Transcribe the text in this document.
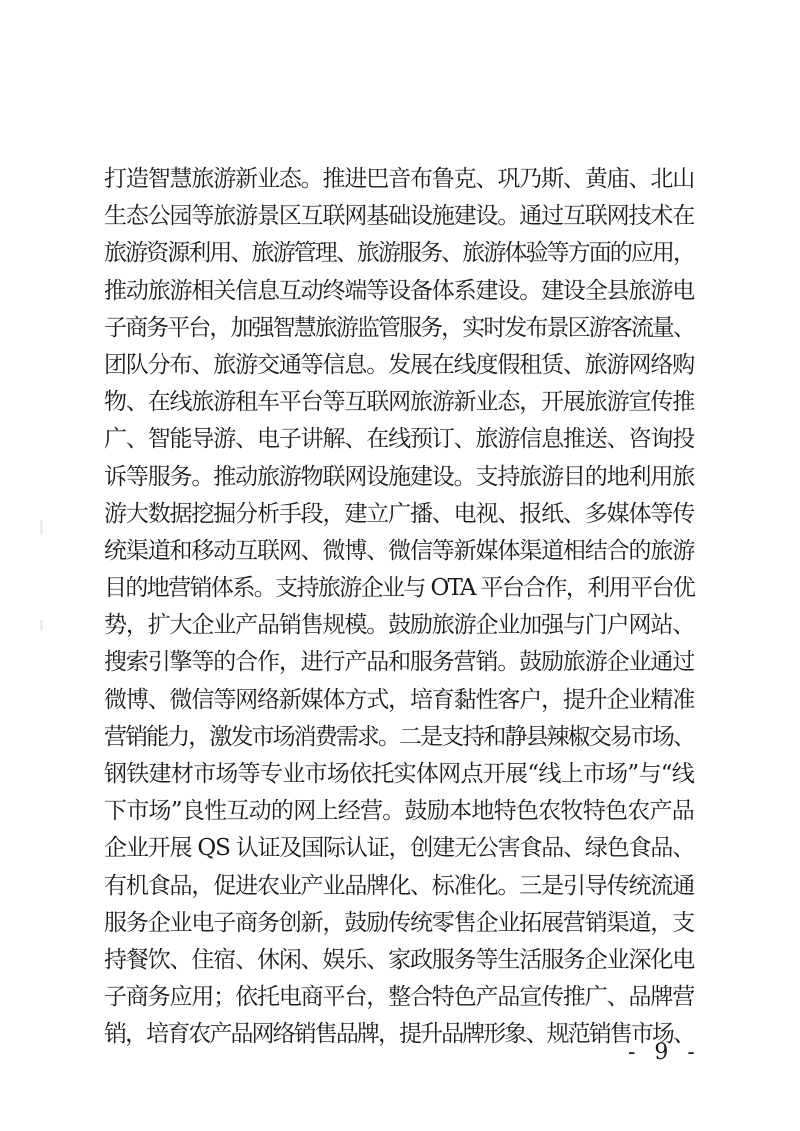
打造智慧旅游新业态。推进巴音布鲁克、巩乃斯、黄庙、北山
生态公园等旅游景区互联网基础设施建设。通过互联网技术在
旅游资源利用、旅游管理、旅游服务、旅游体验等方面的应用，
推动旅游相关信息互动终端等设备体系建设。建设全县旅游电
子商务平台，加强智慧旅游监管服务，实时发布景区游客流量、
团队分布、旅游交通等信息。发展在线度假租赁、旅游网络购
物、在线旅游租车平台等互联网旅游新业态，开展旅游宣传推
广、智能导游、电子讲解、在线预订、旅游信息推送、咨询投
诉等服务。推动旅游物联网设施建设。支持旅游目的地利用旅
游大数据挖掘分析手段，建立广播、电视、报纸、多媒体等传
统渠道和移动互联网、微博、微信等新媒体渠道相结合的旅游
目的地营销体系。支持旅游企业与 OTA 平台合作，利用平台优
势，扩大企业产品销售规模。鼓励旅游企业加强与门户网站、
搜索引擎等的合作，进行产品和服务营销。鼓励旅游企业通过
微博、微信等网络新媒体方式，培育黏性客户，提升企业精准
营销能力，激发市场消费需求。二是支持和静县辣椒交易市场、
钢铁建材市场等专业市场依托实体网点开展“线上市场”与“线
下市场”良性互动的网上经营。鼓励本地特色农牧特色农产品
企业开展 QS 认证及国际认证，创建无公害食品、绿色食品、
有机食品，促进农业产业品牌化、标准化。三是引导传统流通
服务企业电子商务创新，鼓励传统零售企业拓展营销渠道，支
持餐饮、住宿、休闲、娱乐、家政服务等生活服务企业深化电
子商务应用；依托电商平台，整合特色产品宣传推广、品牌营
销，培育农产品网络销售品牌，提升品牌形象、规范销售市场、
- 9 -
